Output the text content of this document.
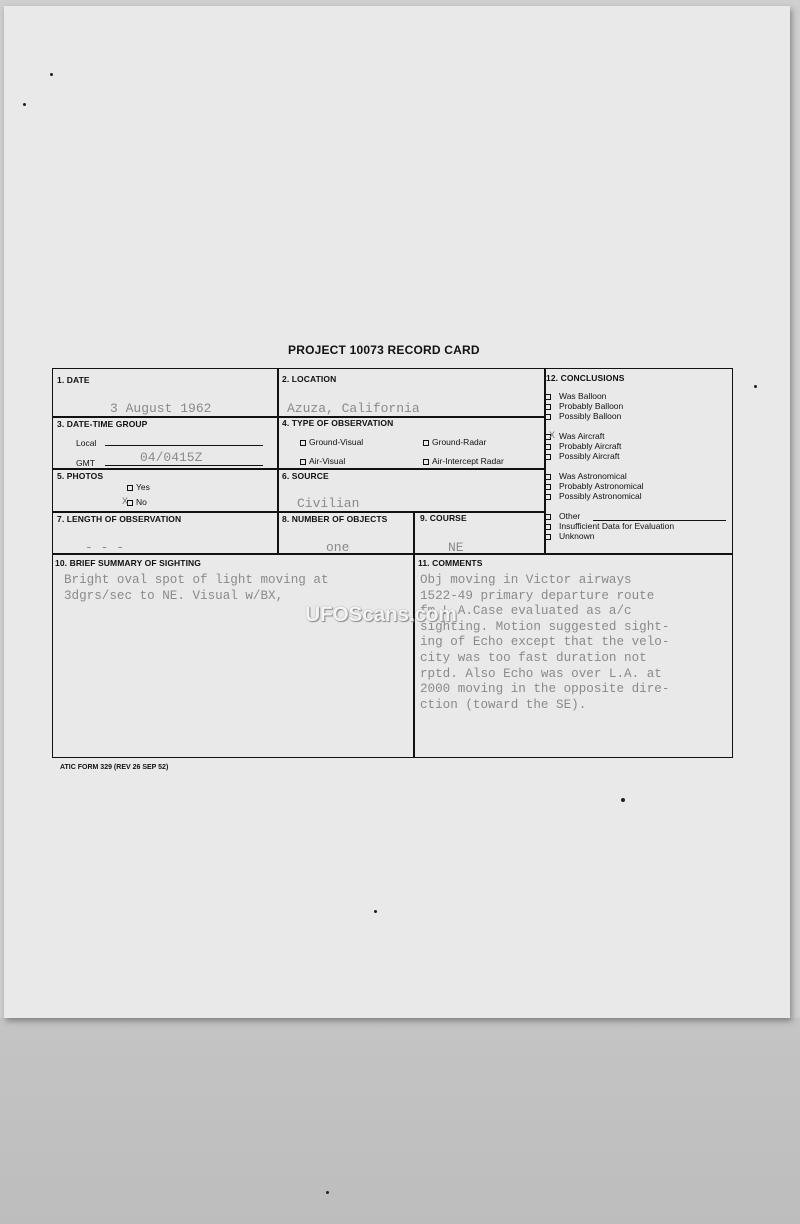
PROJECT 10073 RECORD CARD
1. DATE
3 August 1962
2. LOCATION
Azuza, California
3. DATE-TIME GROUP
Local
GMT	04/0415Z
4. TYPE OF OBSERVATION
Ground-Visual	Ground-Radar
Air-Visual	Air-Intercept Radar
5. PHOTOS
Yes
X No
6. SOURCE
Civilian
7. LENGTH OF OBSERVATION
- - -
8. NUMBER OF OBJECTS
one
9. COURSE
NE
10. BRIEF SUMMARY OF SIGHTING
Bright oval spot of light moving at
3dgrs/sec to NE. Visual w/BX,
11. COMMENTS
Obj moving in Victor airways
1522-49 primary departure route
fm L.A.Case evaluated as a/c
sighting. Motion suggested sight-
ing of Echo except that the velo-
city was too fast duration not
rptd. Also Echo was over L.A. at
2000 moving in the opposite dire-
ction (toward the SE).
12. CONCLUSIONS
Was Balloon
Probably Balloon
Possibly Balloon
X Was Aircraft
Probably Aircraft
Possibly Aircraft
Was Astronomical
Probably Astronomical
Possibly Astronomical
Other
Insufficient Data for Evaluation
Unknown
ATIC FORM 329 (REV 26 SEP 52)
UFOScans.com
